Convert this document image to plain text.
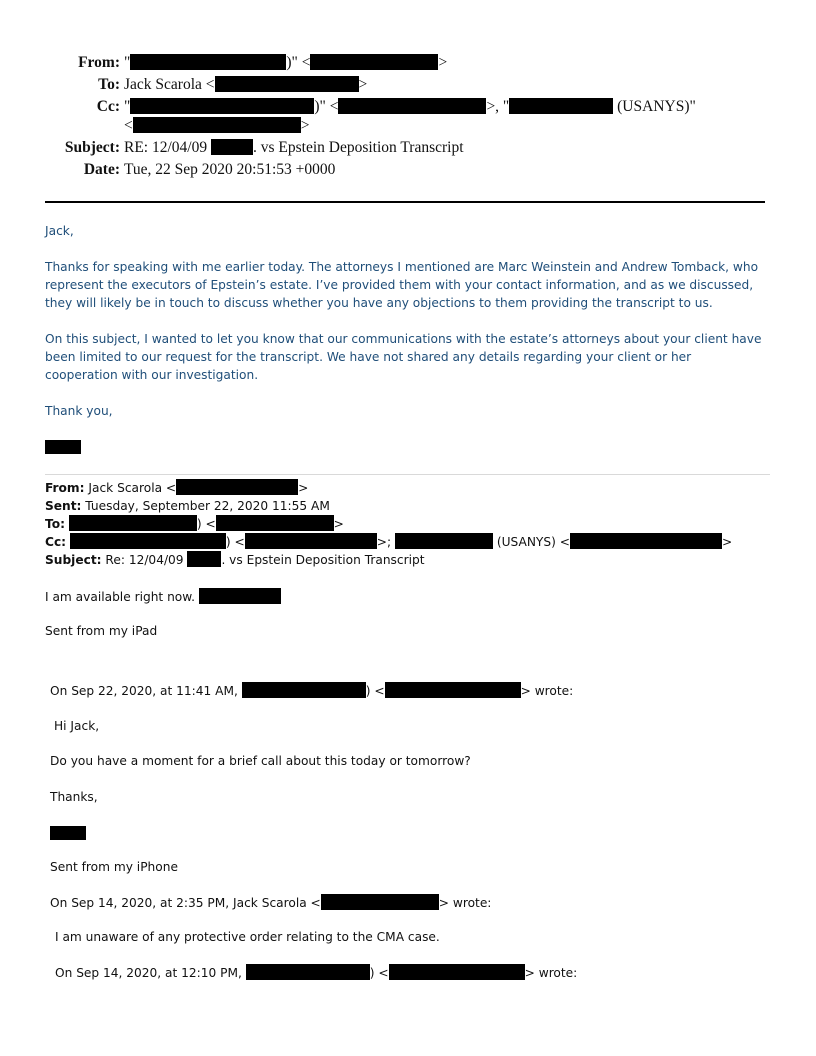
From: "	)" <	>
To: Jack Scarola <	>
Cc: "	)" <	>, "	(USANYS)"
<	>
Subject: RE: 12/04/09	. vs Epstein Deposition Transcript
Date: Tue, 22 Sep 2020 20:51:53 +0000
Jack,
Thanks for speaking with me earlier today. The attorneys I mentioned are Marc Weinstein and Andrew Tomback, who represent the executors of Epstein’s estate. I’ve provided them with your contact information, and as we discussed, they will likely be in touch to discuss whether you have any objections to them providing the transcript to us.
On this subject, I wanted to let you know that our communications with the estate’s attorneys about your client have been limited to our request for the transcript. We have not shared any details regarding your client or her cooperation with our investigation.
Thank you,
From: Jack Scarola <	>
Sent: Tuesday, September 22, 2020 11:55 AM
To:	) <	>
Cc:	) <	>;	(USANYS) <	>
Subject: Re: 12/04/09	. vs Epstein Deposition Transcript
I am available right now.
Sent from my iPad
On Sep 22, 2020, at 11:41 AM,	) <	> wrote:
Hi Jack,
Do you have a moment for a brief call about this today or tomorrow?
Thanks,
Sent from my iPhone
On Sep 14, 2020, at 2:35 PM, Jack Scarola <	> wrote:
I am unaware of any protective order relating to the CMA case.
On Sep 14, 2020, at 12:10 PM,	) <	> wrote:
